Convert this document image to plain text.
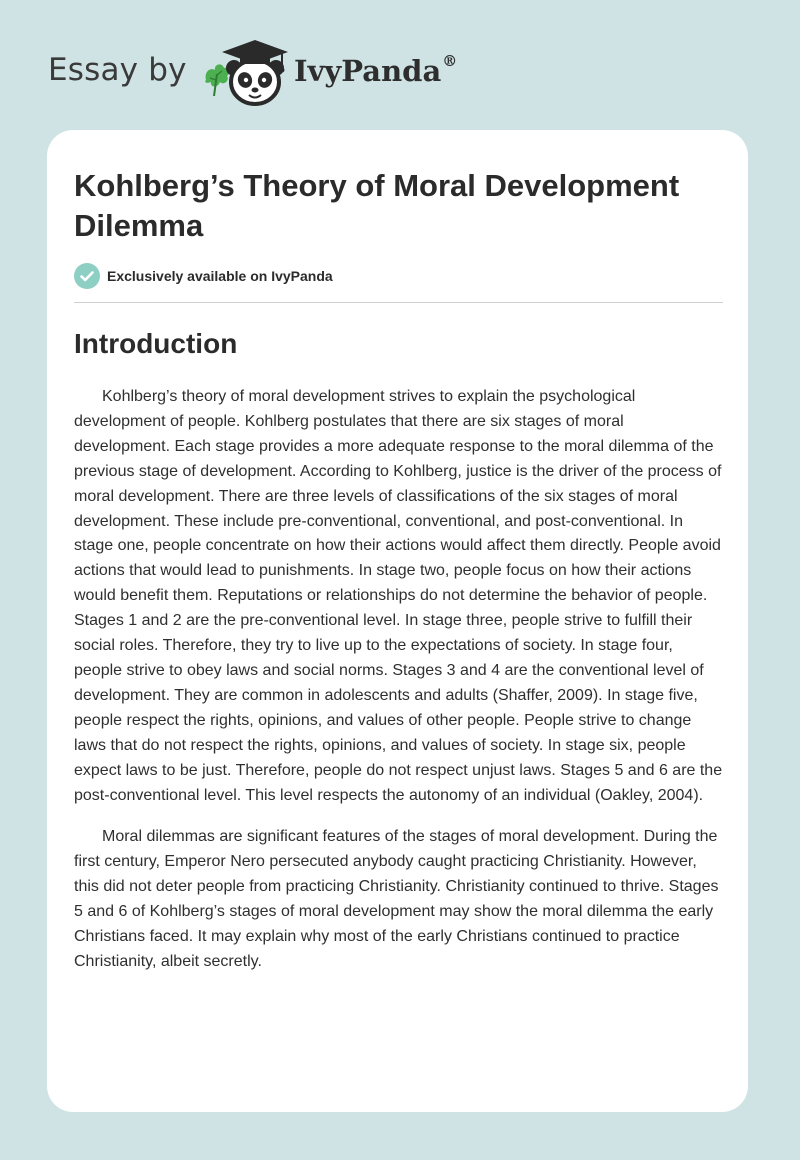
Essay by	IvyPanda®
Kohlberg’s Theory of Moral Development Dilemma
Exclusively available on IvyPanda
Introduction

Kohlberg’s theory of moral development strives to explain the psychological development of people. Kohlberg postulates that there are six stages of moral development. Each stage provides a more adequate response to the moral dilemma of the previous stage of development. According to Kohlberg, justice is the driver of the process of moral development. There are three levels of classifications of the six stages of moral development. These include pre-conventional, conventional, and post-conventional. In stage one, people concentrate on how their actions would affect them directly. People avoid actions that would lead to punishments. In stage two, people focus on how their actions would benefit them. Reputations or relationships do not determine the behavior of people. Stages 1 and 2 are the pre-conventional level. In stage three, people strive to fulfill their social roles. Therefore, they try to live up to the expectations of society. In stage four, people strive to obey laws and social norms. Stages 3 and 4 are the conventional level of development. They are common in adolescents and adults (Shaffer, 2009). In stage five, people respect the rights, opinions, and values of other people. People strive to change laws that do not respect the rights, opinions, and values of society. In stage six, people expect laws to be just. Therefore, people do not respect unjust laws. Stages 5 and 6 are the post-conventional level. This level respects the autonomy of an individual (Oakley, 2004).

Moral dilemmas are significant features of the stages of moral development. During the first century, Emperor Nero persecuted anybody caught practicing Christianity. However, this did not deter people from practicing Christianity. Christianity continued to thrive. Stages 5 and 6 of Kohlberg’s stages of moral development may show the moral dilemma the early Christians faced. It may explain why most of the early Christians continued to practice Christianity, albeit secretly.
